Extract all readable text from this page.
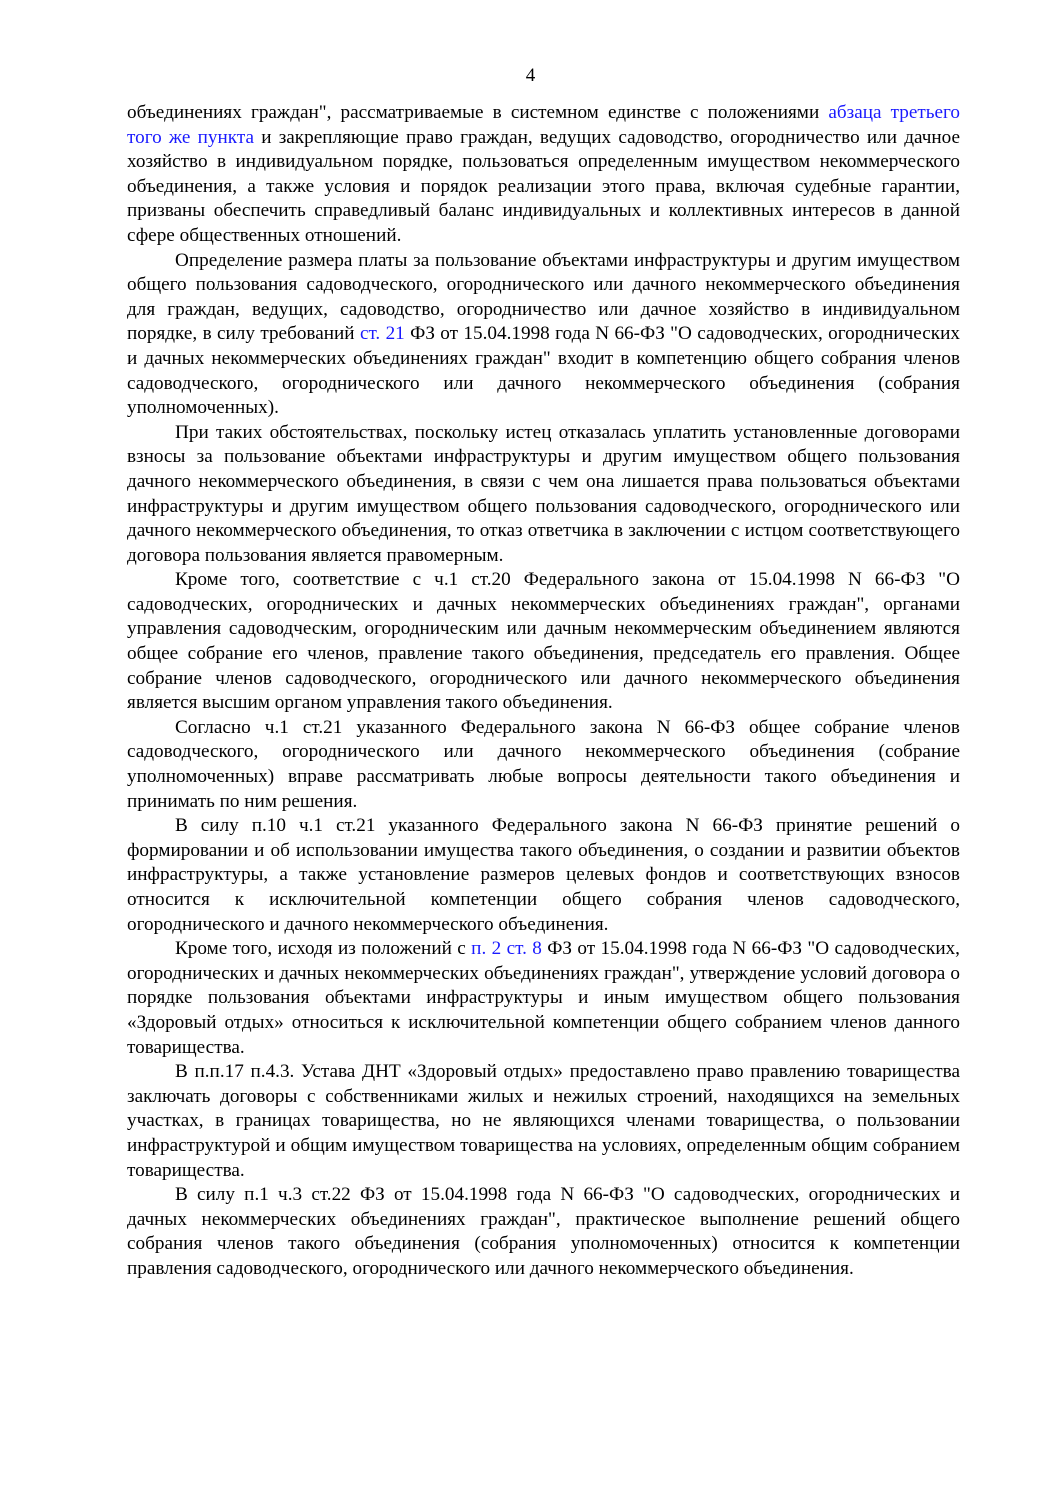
4

объединениях граждан", рассматриваемые в системном единстве с положениями абзаца третьего того же пункта и закрепляющие право граждан, ведущих садоводство, огородничество или дачное хозяйство в индивидуальном порядке, пользоваться определенным имуществом некоммерческого объединения, а также условия и порядок реализации этого права, включая судебные гарантии, призваны обеспечить справедливый баланс индивидуальных и коллективных интересов в данной сфере общественных отношений.

Определение размера платы за пользование объектами инфраструктуры и другим имуществом общего пользования садоводческого, огороднического или дачного некоммерческого объединения для граждан, ведущих, садоводство, огородничество или дачное хозяйство в индивидуальном порядке, в силу требований ст. 21 ФЗ от 15.04.1998 года N 66-ФЗ "О садоводческих, огороднических и дачных некоммерческих объединениях граждан" входит в компетенцию общего собрания членов садоводческого, огороднического или дачного некоммерческого объединения (собрания уполномоченных).

При таких обстоятельствах, поскольку истец отказалась уплатить установленные договорами взносы за пользование объектами инфраструктуры и другим имуществом общего пользования дачного некоммерческого объединения, в связи с чем она лишается права пользоваться объектами инфраструктуры и другим имуществом общего пользования садоводческого, огороднического или дачного некоммерческого объединения, то отказ ответчика в заключении с истцом соответствующего договора пользования является правомерным.

Кроме того, соответствие с ч.1 ст.20 Федерального закона от 15.04.1998 N 66-ФЗ "О садоводческих, огороднических и дачных некоммерческих объединениях граждан", органами управления садоводческим, огородническим или дачным некоммерческим объединением являются общее собрание его членов, правление такого объединения, председатель его правления. Общее собрание членов садоводческого, огороднического или дачного некоммерческого объединения является высшим органом управления такого объединения.

Согласно ч.1 ст.21 указанного Федерального закона N 66-ФЗ общее собрание членов садоводческого, огороднического или дачного некоммерческого объединения (собрание уполномоченных) вправе рассматривать любые вопросы деятельности такого объединения и принимать по ним решения.

В силу п.10 ч.1 ст.21 указанного Федерального закона N 66-ФЗ принятие решений о формировании и об использовании имущества такого объединения, о создании и развитии объектов инфраструктуры, а также установление размеров целевых фондов и соответствующих взносов относится к исключительной компетенции общего собрания членов садоводческого, огороднического и дачного некоммерческого объединения.

Кроме того, исходя из положений с п. 2 ст. 8 ФЗ от 15.04.1998 года N 66-ФЗ "О садоводческих, огороднических и дачных некоммерческих объединениях граждан", утверждение условий договора о порядке пользования объектами инфраструктуры и иным имуществом общего пользования «Здоровый отдых» относиться к исключительной компетенции общего собранием членов данного товарищества.

В п.п.17 п.4.3. Устава ДНТ «Здоровый отдых» предоставлено право правлению товарищества заключать договоры с собственниками жилых и нежилых строений, находящихся на земельных участках, в границах товарищества, но не являющихся членами товарищества, о пользовании инфраструктурой и общим имуществом товарищества на условиях, определенным общим собранием товарищества.

В силу п.1 ч.3 ст.22 ФЗ от 15.04.1998 года N 66-ФЗ "О садоводческих, огороднических и дачных некоммерческих объединениях граждан", практическое выполнение решений общего собрания членов такого объединения (собрания уполномоченных) относится к компетенции правления садоводческого, огороднического или дачного некоммерческого объединения.
